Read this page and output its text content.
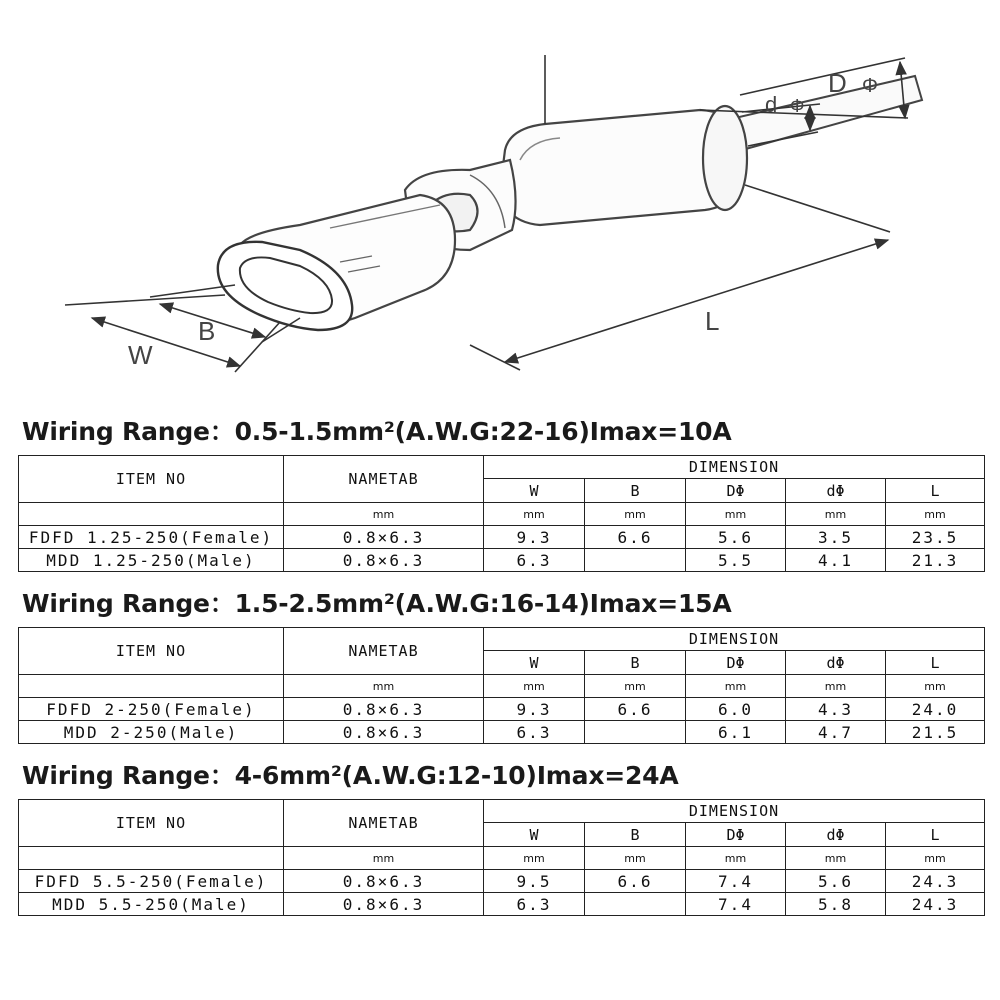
W
B	L
D Φ
d Φ
Wiring Range：0.5-1.5mm²(A.W.G:22-16)Imax=10A
ITEM NO	NAMETAB	DIMENSION				
		W	B	DΦ	dΦ	L
	mm	mm	mm	mm	mm	mm
FDFD 1.25-250(Female)	0.8×6.3	9.3	6.6	5.6	3.5	23.5
MDD 1.25-250(Male)	0.8×6.3	6.3		5.5	4.1	21.3
Wiring Range：1.5-2.5mm²(A.W.G:16-14)Imax=15A
ITEM NO	NAMETAB	DIMENSION				
		W	B	DΦ	dΦ	L
	mm	mm	mm	mm	mm	mm
FDFD 2-250(Female)	0.8×6.3	9.3	6.6	6.0	4.3	24.0
MDD 2-250(Male)	0.8×6.3	6.3		6.1	4.7	21.5
Wiring Range：4-6mm²(A.W.G:12-10)Imax=24A
ITEM NO	NAMETAB	DIMENSION				
		W	B	DΦ	dΦ	L
	mm	mm	mm	mm	mm	mm
FDFD 5.5-250(Female)	0.8×6.3	9.5	6.6	7.4	5.6	24.3
MDD 5.5-250(Male)	0.8×6.3	6.3		7.4	5.8	24.3
